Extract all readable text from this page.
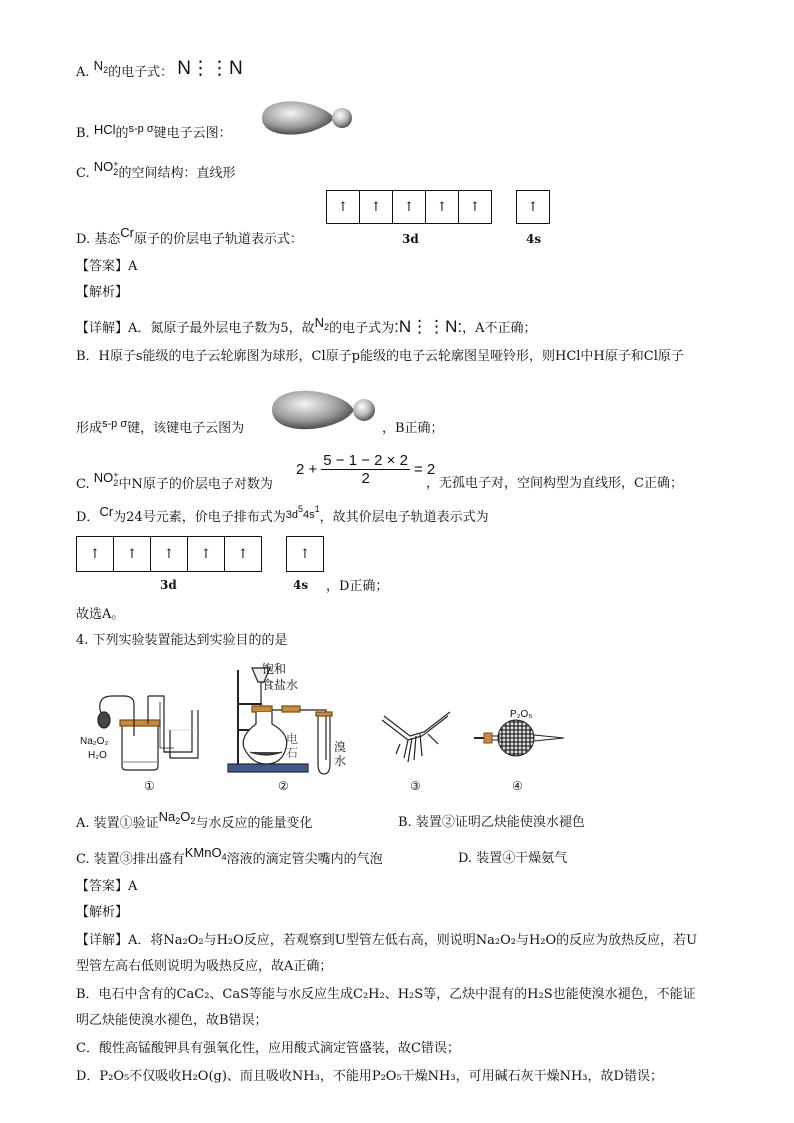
A. $N_2$的电子式： N⋮⋮N
B. HCl的$^{s-p \sigma}$键电子云图：
C. NO +
2 的空间结构：直线形
D. 基态Cr原子的价层电子轨道表示式：
↑ ↑ ↑ ↑ ↑	↑
3d	4s
【答案】A
【解析】
【详解】A．氮原子最外层电子数为5，故$N_2$的电子式为:N⋮⋮N:，A不正确；
B．H原子s能级的电子云轮廓图为球形，Cl原子p能级的电子云轮廓图呈哑铃形，则HCl中H原子和Cl原子
形成$^{s-p \sigma}$键，该键电子云图为	，B正确；
C. NO +
2 中N原子的价层电子对数为
$2 + \frac{5 - 1 - 2 \times 2}{2} = 2$
，无孤电子对，空间构型为直线形，C正确；
D．Cr为24号元素，价电子排布式为$^{3d^54s^1}$，故其价层电子轨道表示式为
↑ ↑ ↑ ↑ ↑	↑
3d	4s ，D正确；
故选A。
4. 下列实验装置能达到实验目的的是
Na₂O₂
H₂O
①
饱和
食盐水
电
石	溴
水
②	③
P₂O₅
④
A. 装置①验证$Na_2O_2$与水反应的能量变化	B. 装置②证明乙炔能使溴水褪色
C. 装置③排出盛有KMnO$_4$溶液的滴定管尖嘴内的气泡	D. 装置④干燥氨气
【答案】A
【解析】
【详解】A．将Na₂O₂与H₂O反应，若观察到U型管左低右高，则说明Na₂O₂与H₂O的反应为放热反应，若U
型管左高右低则说明为吸热反应，故A正确；
B．电石中含有的CaC₂、CaS等能与水反应生成C₂H₂、H₂S等，乙炔中混有的H₂S也能使溴水褪色，不能证
明乙炔能使溴水褪色，故B错误；
C．酸性高锰酸钾具有强氧化性，应用酸式滴定管盛装，故C错误；
D．P₂O₅不仅吸收H₂O(g)、而且吸收NH₃，不能用P₂O₅干燥NH₃，可用碱石灰干燥NH₃，故D错误；
